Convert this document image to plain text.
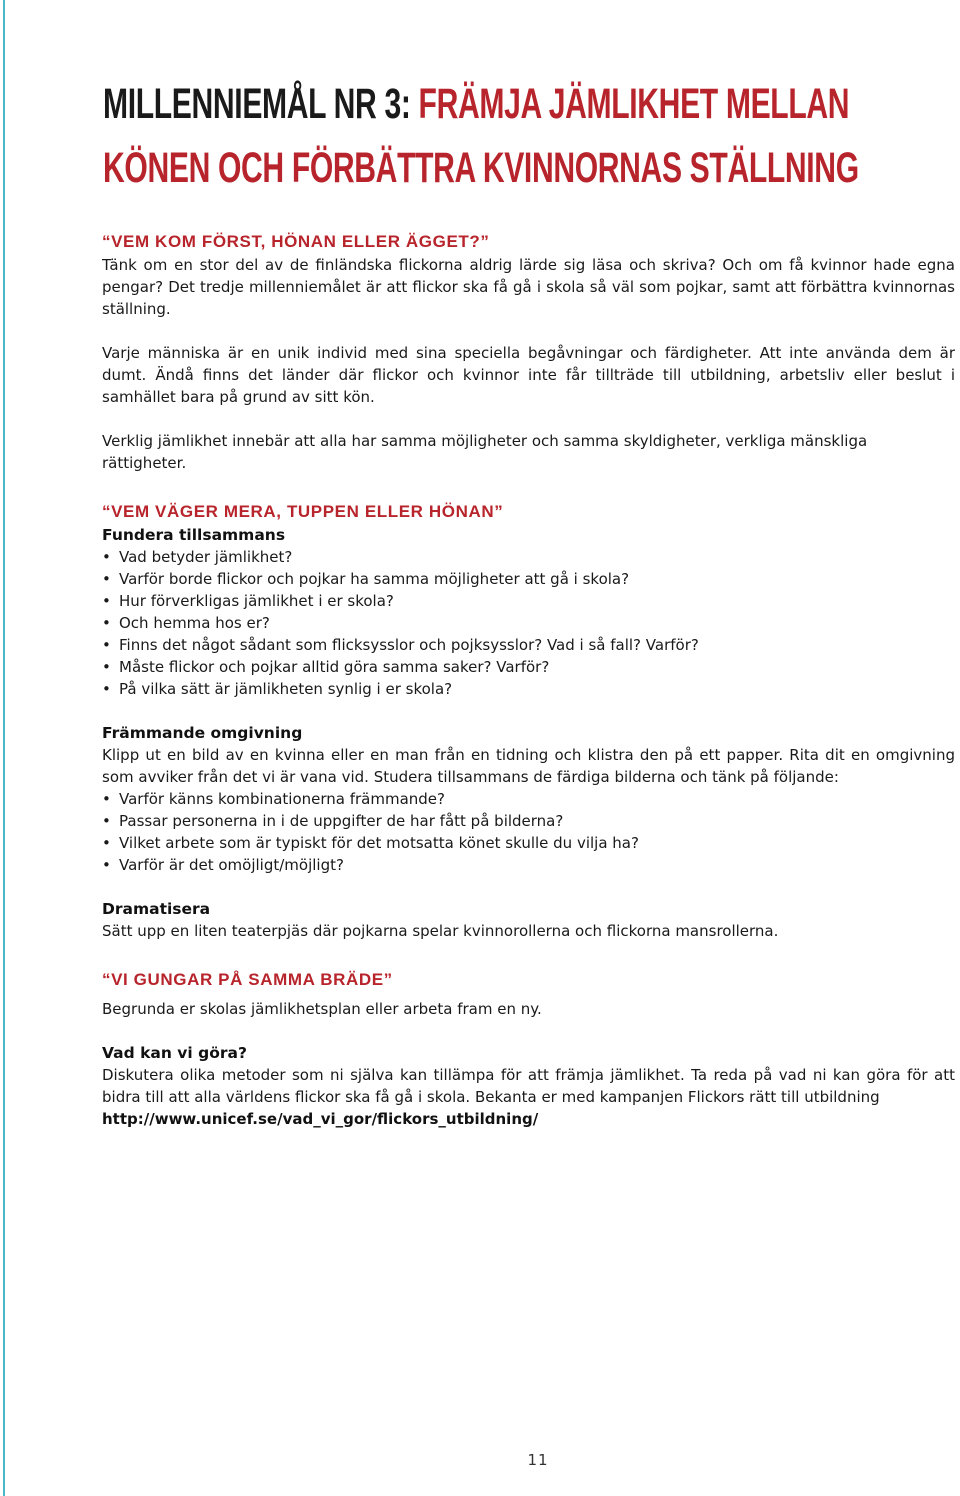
MILLENNIEMÅL NR 3: FRÄMJA JÄMLIKHET MELLAN
KÖNEN OCH FÖRBÄTTRA KVINNORNAS STÄLLNING
“VEM KOM FÖRST, HÖNAN ELLER ÄGGET?”

Tänk om en stor del av de finländska flickorna aldrig lärde sig läsa och skriva? Och om få kvinnor hade egna pengar? Det tredje millenniemålet är att flickor ska få gå i skola så väl som pojkar, samt att förbättra kvinnornas ställning.

Varje människa är en unik individ med sina speciella begåvningar och färdigheter. Att inte använda dem är dumt. Ändå finns det länder där flickor och kvinnor inte får tillträde till utbildning, arbetsliv eller beslut i samhället bara på grund av sitt kön.

Verklig jämlikhet innebär att alla har samma möjligheter och samma skyldigheter, verkliga mänskliga rättigheter.

“VEM VÄGER MERA, TUPPEN ELLER HÖNAN”
Fundera tillsammans
• Vad betyder jämlikhet?
• Varför borde flickor och pojkar ha samma möjligheter att gå i skola?
• Hur förverkligas jämlikhet i er skola?
• Och hemma hos er?
• Finns det något sådant som flicksysslor och pojksysslor? Vad i så fall? Varför?
• Måste flickor och pojkar alltid göra samma saker? Varför?
• På vilka sätt är jämlikheten synlig i er skola?
Främmande omgivning

Klipp ut en bild av en kvinna eller en man från en tidning och klistra den på ett papper. Rita dit en omgivning som avviker från det vi är vana vid. Studera tillsammans de färdiga bilderna och tänk på följande:

• Varför känns kombinationerna främmande?
• Passar personerna in i de uppgifter de har fått på bilderna?
• Vilket arbete som är typiskt för det motsatta könet skulle du vilja ha?
• Varför är det omöjligt/möjligt?
Dramatisera

Sätt upp en liten teaterpjäs där pojkarna spelar kvinnorollerna och flickorna mansrollerna.

“VI GUNGAR PÅ SAMMA BRÄDE”

Begrunda er skolas jämlikhetsplan eller arbeta fram en ny.

Vad kan vi göra?

Diskutera olika metoder som ni själva kan tillämpa för att främja jämlikhet. Ta reda på vad ni kan göra för att bidra till att alla världens flickor ska få gå i skola. Bekanta er med kampanjen Flickors rätt till utbildning

http://www.unicef.se/vad_vi_gor/flickors_utbildning/

11
